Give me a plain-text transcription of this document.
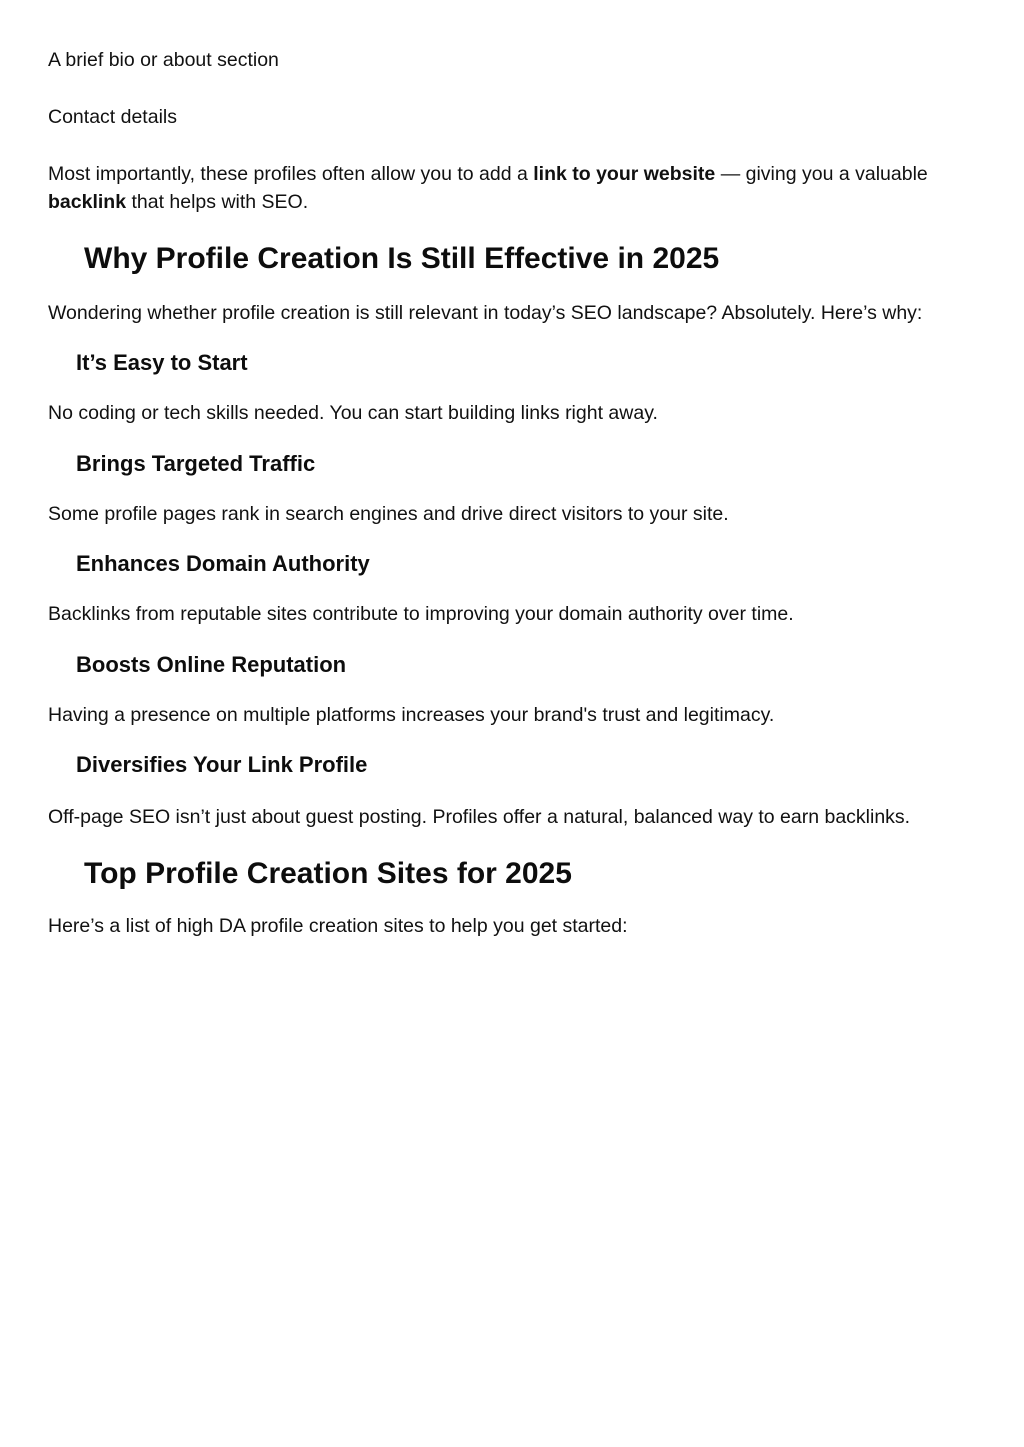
A brief bio or about section

Contact details

Most importantly, these profiles often allow you to add a link to your website — giving you a valuable backlink that helps with SEO.

Why Profile Creation Is Still Effective in 2025

Wondering whether profile creation is still relevant in today’s SEO landscape? Absolutely. Here’s why:

It’s Easy to Start

No coding or tech skills needed. You can start building links right away.

Brings Targeted Traffic

Some profile pages rank in search engines and drive direct visitors to your site.

Enhances Domain Authority

Backlinks from reputable sites contribute to improving your domain authority over time.

Boosts Online Reputation

Having a presence on multiple platforms increases your brand's trust and legitimacy.

Diversifies Your Link Profile

Off-page SEO isn’t just about guest posting. Profiles offer a natural, balanced way to earn backlinks.

Top Profile Creation Sites for 2025

Here’s a list of high DA profile creation sites to help you get started:
